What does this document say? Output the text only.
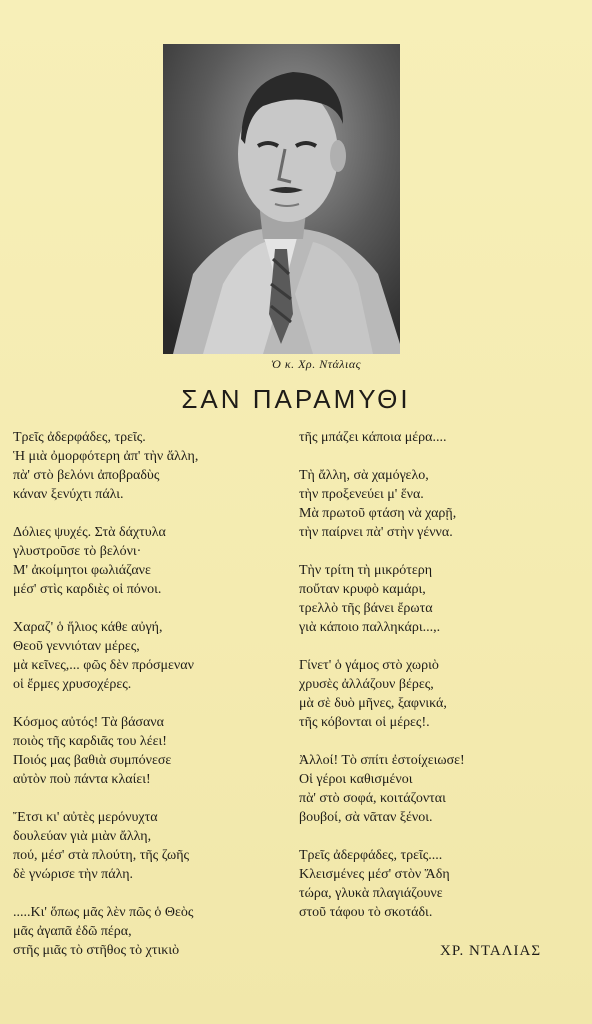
Ὁ κ. Χρ. Ντάλιας
ΣΑΝ ΠΑΡΑΜΥΘΙ
Τρεῖς ἀδερφάδες, τρεῖς.
Ἡ μιὰ ὀμορφότερη ἀπ' τὴν ἄλλη,
πὰ' στὸ βελόνι ἀποβραδὺς
κάναν ξενύχτι πάλι.
Δόλιες ψυχές. Στὰ δάχτυλα
γλυστροῦσε τὸ βελόνι·
Μ' ἀκοίμητοι φωλιάζανε
μέσ' στὶς καρδιὲς οἱ πόνοι.
Χαραζ' ὁ ἥλιος κάθε αὐγή,
Θεοῦ γεννιόταν μέρες,
μὰ κεῖνες,... φῶς δὲν πρόσμεναν
οἱ ἔρμες χρυσοχέρες.
Κόσμος αὐτός! Τὰ βάσανα
ποιὸς τῆς καρδιᾶς του λέει!
Ποιός μας βαθιὰ συμπόνεσε
αὐτὸν ποὺ πάντα κλαίει!
Ἔτσι κι' αὐτὲς μερόνυχτα
δουλεύαν γιὰ μιὰν ἄλλη,
πού, μέσ' στὰ πλούτη, τῆς ζωῆς
δὲ γνώρισε τὴν πάλη.
.....Κι' ὅπως μᾶς λὲν πῶς ὁ Θεὸς
μᾶς ἀγαπᾶ ἐδῶ πέρα,
στῆς μιᾶς τὸ στῆθος τὸ χτικιὸ
τῆς μπάζει κάποια μέρα....
Τὴ ἄλλη, σὰ χαμόγελο,
τὴν προξενεύει μ' ἕνα.
Μὰ πρωτοῦ φτάση νὰ χαρῇ,
τὴν παίρνει πὰ' στὴν γέννα.
Τὴν τρίτη τὴ μικρότερη
ποὔταν κρυφὸ καμάρι,
τρελλὸ τῆς βάνει ἔρωτα
γιὰ κάποιο παλληκάρι...,.
Γίνετ' ὁ γάμος στὸ χωριὸ
χρυσὲς ἀλλάζουν βέρες,
μὰ σὲ δυὸ μῆνες, ξαφνικά,
τῆς κόβονται οἱ μέρες!.
Ἀλλοί! Τὸ σπίτι ἐστοίχειωσε!
Οἱ γέροι καθισμένοι
πὰ' στὸ σοφά, κοιτάζονται
βουβοί, σὰ νᾶταν ξένοι.
Τρεῖς ἀδερφάδες, τρεῖς....
Κλεισμένες μέσ' στὸν Ἅδη
τώρα, γλυκὰ πλαγιάζουνε
στοῦ τάφου τὸ σκοτάδι.
ΧΡ. ΝΤΑΛΙΑΣ
